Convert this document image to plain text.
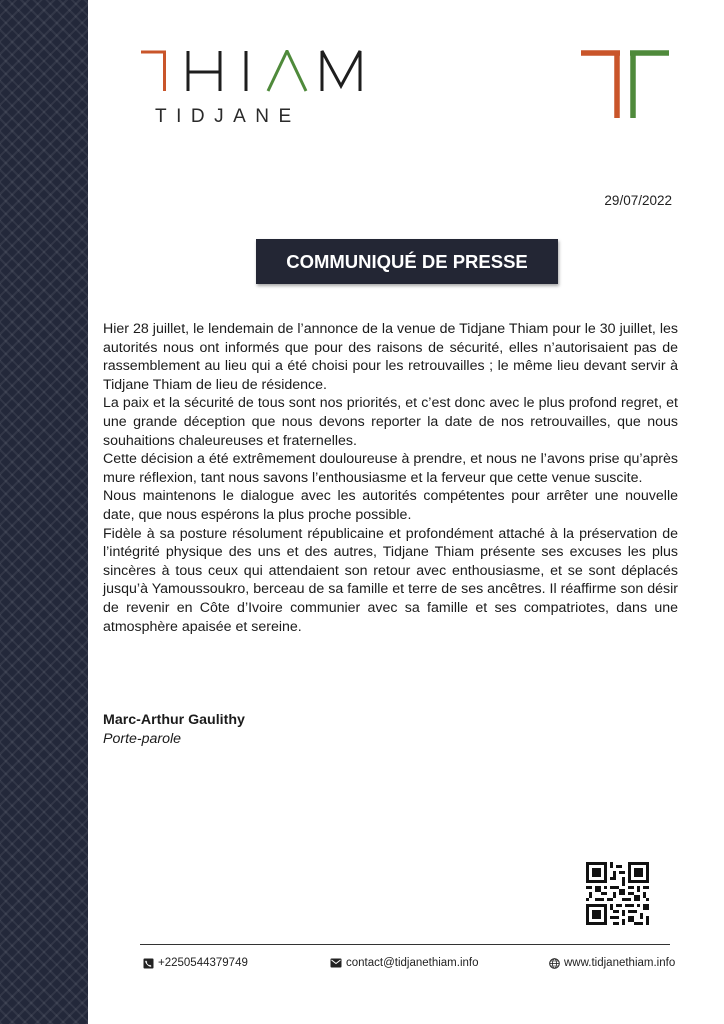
TIDJANE
29/07/2022
COMMUNIQUÉ DE PRESSE

Hier 28 juillet, le lendemain de l’annonce de la venue de Tidjane Thiam pour le 30 juillet, les autorités nous ont informés que pour des raisons de sécurité, elles n’autorisaient pas de rassemblement au lieu qui a été choisi pour les retrouvailles ; le même lieu devant servir à Tidjane Thiam de lieu de résidence.

La paix et la sécurité de tous sont nos priorités, et c’est donc avec le plus profond regret, et une grande déception que nous devons reporter la date de nos retrouvailles, que nous souhaitions chaleureuses et fraternelles.

Cette décision a été extrêmement douloureuse à prendre, et nous ne l’avons prise qu’après mure réflexion, tant nous savons l’enthousiasme et la ferveur que cette venue suscite.

Nous maintenons le dialogue avec les autorités compétentes pour arrêter une nouvelle date, que nous espérons la plus proche possible.

Fidèle à sa posture résolument républicaine et profondément attaché à la préservation de l’intégrité physique des uns et des autres, Tidjane Thiam présente ses excuses les plus sincères à tous ceux qui attendaient son retour avec enthousiasme, et se sont déplacés jusqu’à Yamoussoukro, berceau de sa famille et terre de ses ancêtres. Il réaffirme son désir de revenir en Côte d’Ivoire communier avec sa famille et ses compatriotes, dans une atmosphère apaisée et sereine.

Marc-Arthur Gaulithy
Porte-parole
+2250544379749	contact@tidjanethiam.info	www.tidjanethiam.info
